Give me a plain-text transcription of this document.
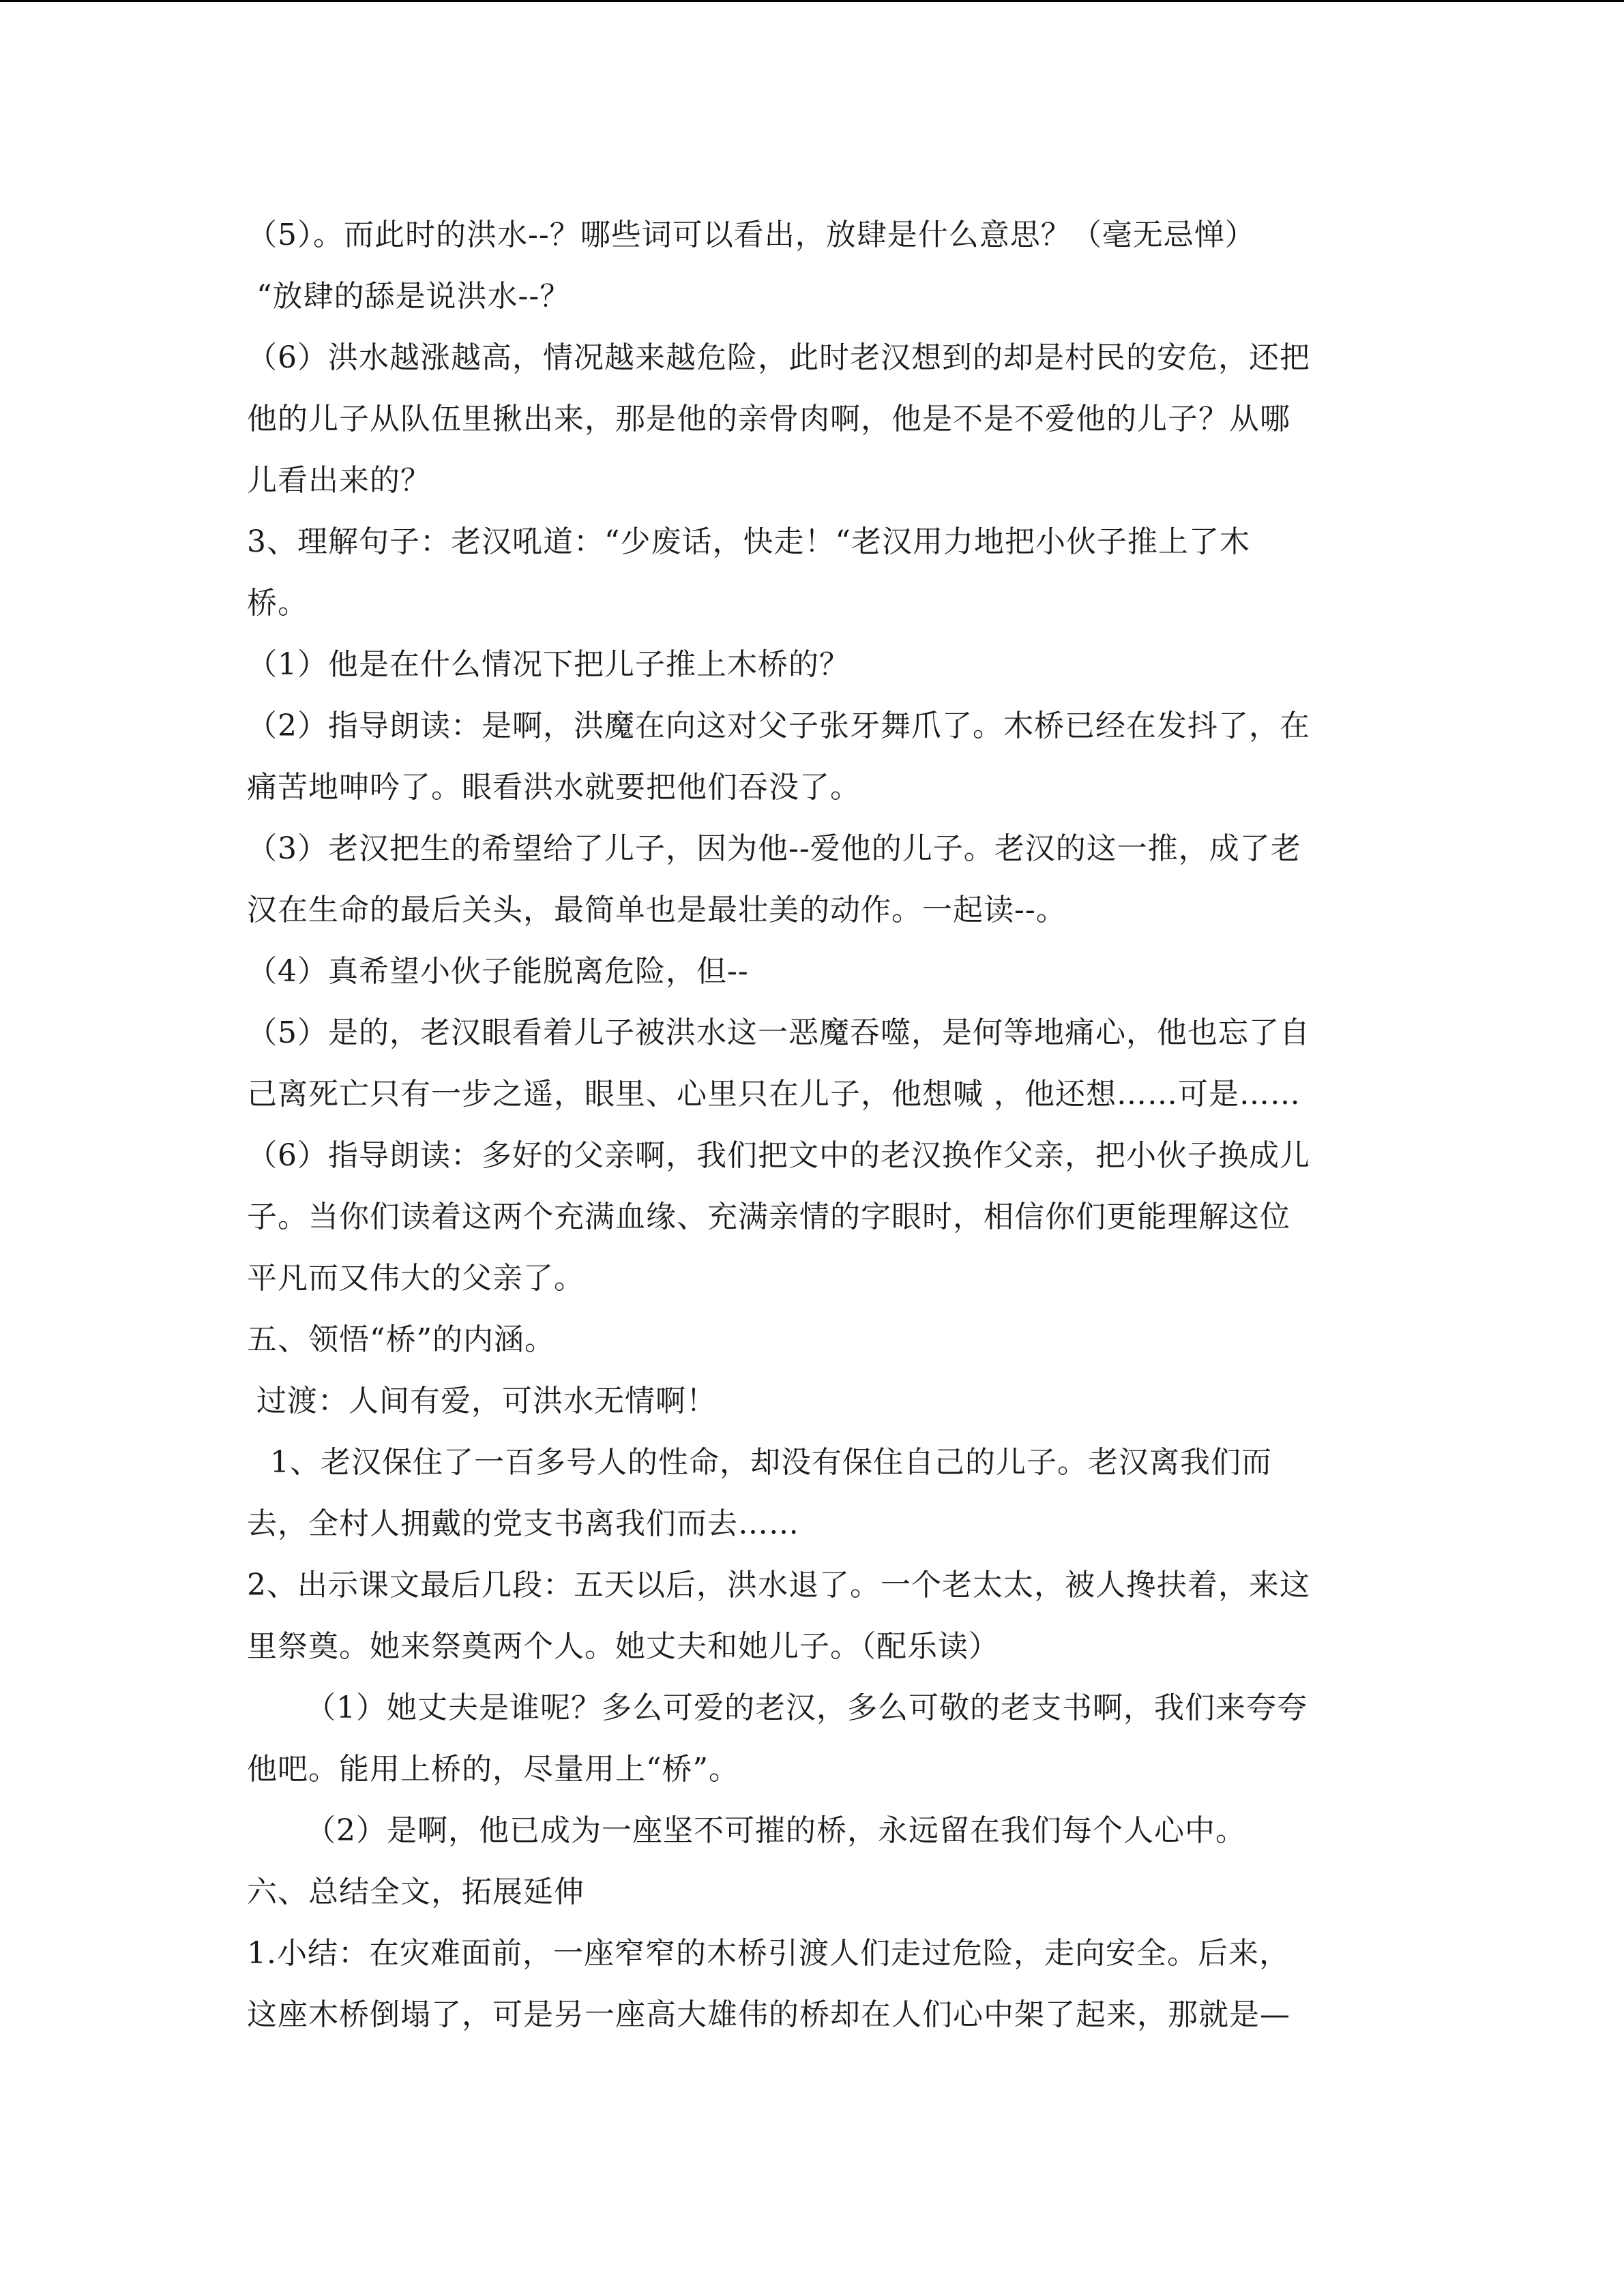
（5）。而此时的洪水--？哪些词可以看出，放肆是什么意思？（毫无忌惮）
“放肆的舔是说洪水--？
（6）洪水越涨越高，情况越来越危险，此时老汉想到的却是村民的安危，还把
他的儿子从队伍里揪出来，那是他的亲骨肉啊，他是不是不爱他的儿子？从哪
儿看出来的？
3、理解句子：老汉吼道：“少废话，快走！“老汉用力地把小伙子推上了木
桥。
（1）他是在什么情况下把儿子推上木桥的？
（2）指导朗读：是啊，洪魔在向这对父子张牙舞爪了。木桥已经在发抖了，在
痛苦地呻吟了。眼看洪水就要把他们吞没了。
（3）老汉把生的希望给了儿子，因为他--爱他的儿子。老汉的这一推，成了老
汉在生命的最后关头，最简单也是最壮美的动作。一起读--。
（4）真希望小伙子能脱离危险，但--
（5）是的，老汉眼看着儿子被洪水这一恶魔吞噬，是何等地痛心，他也忘了自
己离死亡只有一步之遥，眼里、心里只在儿子，他想喊 ，他还想……可是……
（6）指导朗读：多好的父亲啊，我们把文中的老汉换作父亲，把小伙子换成儿
子。当你们读着这两个充满血缘、充满亲情的字眼时，相信你们更能理解这位
平凡而又伟大的父亲了。
五、领悟“桥”的内涵。
过渡：人间有爱，可洪水无情啊！
1、老汉保住了一百多号人的性命，却没有保住自己的儿子。老汉离我们而
去，全村人拥戴的党支书离我们而去……
2、出示课文最后几段：五天以后，洪水退了。一个老太太，被人搀扶着，来这
里祭奠。她来祭奠两个人。她丈夫和她儿子。（配乐读）
（1）她丈夫是谁呢？多么可爱的老汉，多么可敬的老支书啊，我们来夸夸
他吧。能用上桥的，尽量用上“桥”。
（2）是啊，他已成为一座坚不可摧的桥，永远留在我们每个人心中。
六、总结全文，拓展延伸
1.小结：在灾难面前，一座窄窄的木桥引渡人们走过危险，走向安全。后来，
这座木桥倒塌了，可是另一座高大雄伟的桥却在人们心中架了起来，那就是—
